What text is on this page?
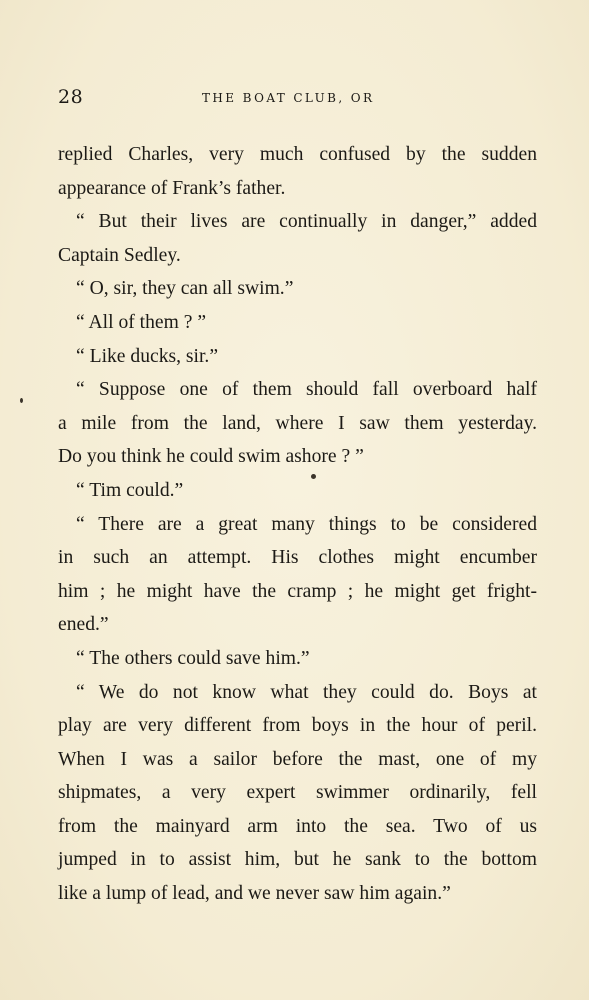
28	THE BOAT CLUB, OR
replied Charles, very much confused by the sudden
appearance of Frank’s father.
“ But their lives are continually in danger,” added
Captain Sedley.
“ O, sir, they can all swim.”
“ All of them ? ”
“ Like ducks, sir.”
“ Suppose one of them should fall overboard half
a mile from the land, where I saw them yesterday.
Do you think he could swim ashore ? ”
“ Tim could.”
“ There are a great many things to be considered
in such an attempt. His clothes might encumber
him ; he might have the cramp ; he might get fright-
ened.”
“ The others could save him.”
“ We do not know what they could do. Boys at
play are very different from boys in the hour of peril.
When I was a sailor before the mast, one of my
shipmates, a very expert swimmer ordinarily, fell
from the mainyard arm into the sea. Two of us
jumped in to assist him, but he sank to the bottom
like a lump of lead, and we never saw him again.”
